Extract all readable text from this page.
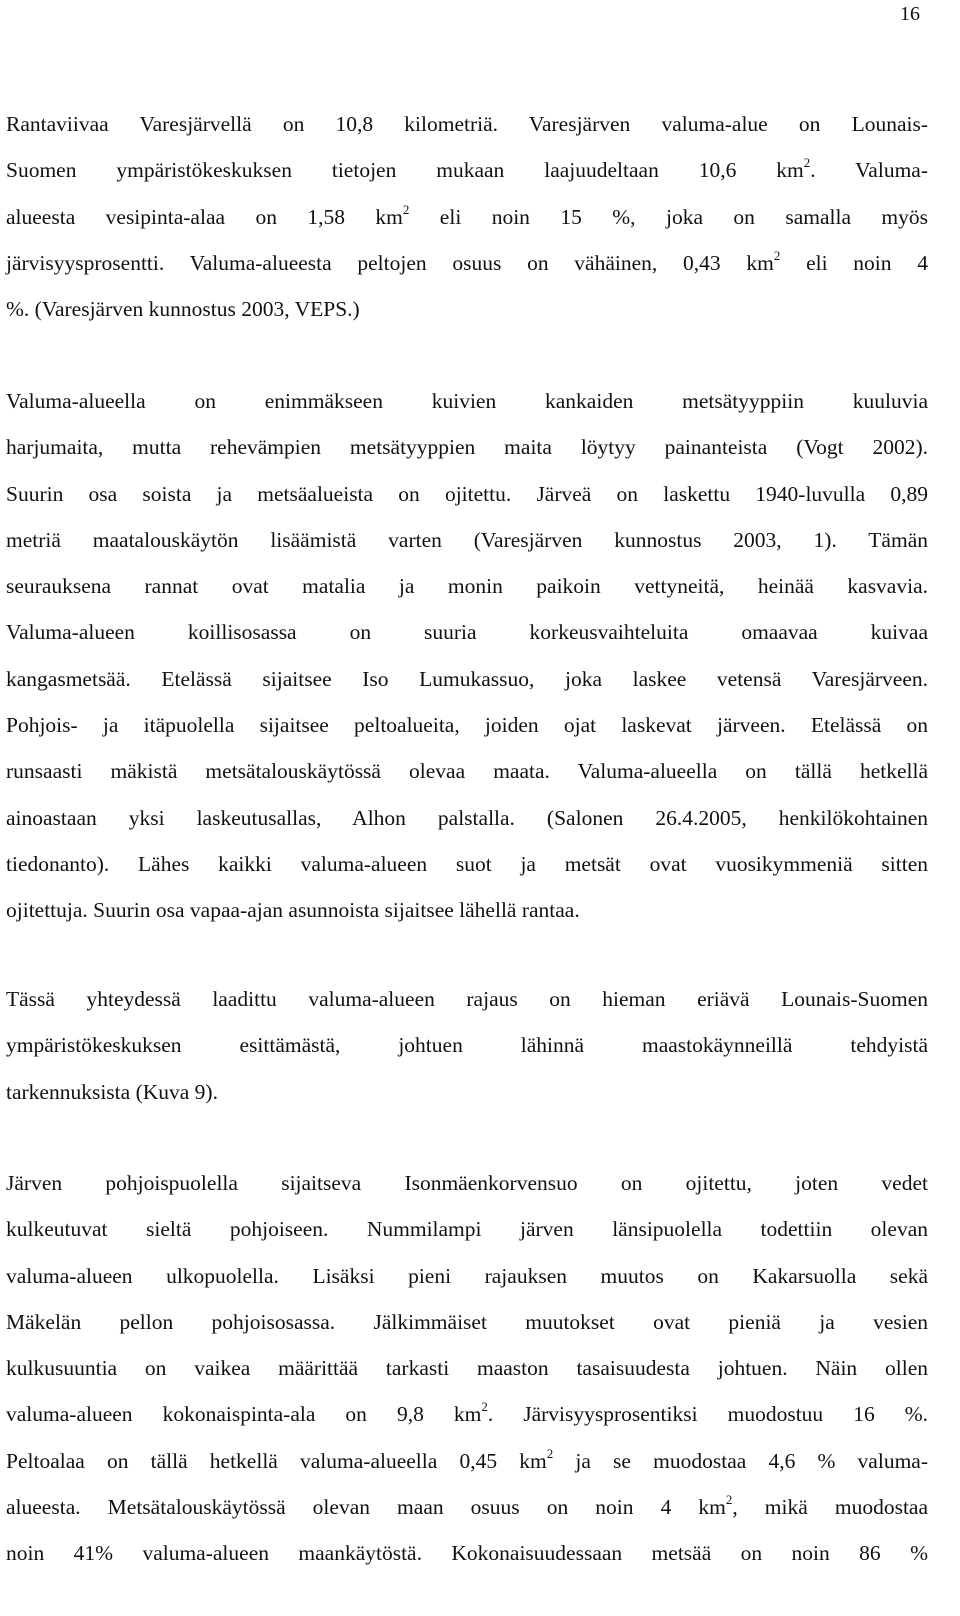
16
Rantaviivaa Varesjärvellä on 10,8 kilometriä. Varesjärven valuma-alue on Lounais-
Suomen ympäristökeskuksen tietojen mukaan laajuudeltaan 10,6 $km^2$. Valuma-
alueesta vesipinta-alaa on 1,58 $km^2$ eli noin 15 %, joka on samalla myös
järvisyysprosentti. Valuma-alueesta peltojen osuus on vähäinen, 0,43 $km^2$ eli noin 4
%. (Varesjärven kunnostus 2003, VEPS.)
Valuma-alueella on enimmäkseen kuivien kankaiden metsätyyppiin kuuluvia
harjumaita, mutta rehevämpien metsätyyppien maita löytyy painanteista (Vogt 2002).
Suurin osa soista ja metsäalueista on ojitettu. Järveä on laskettu 1940-luvulla 0,89
metriä maatalouskäytön lisäämistä varten (Varesjärven kunnostus 2003, 1). Tämän
seurauksena rannat ovat matalia ja monin paikoin vettyneitä, heinää kasvavia.
Valuma-alueen koillisosassa on suuria korkeusvaihteluita omaavaa kuivaa
kangasmetsää. Etelässä sijaitsee Iso Lumukassuo, joka laskee vetensä Varesjärveen.
Pohjois- ja itäpuolella sijaitsee peltoalueita, joiden ojat laskevat järveen. Etelässä on
runsaasti mäkistä metsätalouskäytössä olevaa maata. Valuma-alueella on tällä hetkellä
ainoastaan yksi laskeutusallas, Alhon palstalla. (Salonen 26.4.2005, henkilökohtainen
tiedonanto). Lähes kaikki valuma-alueen suot ja metsät ovat vuosikymmeniä sitten
ojitettuja. Suurin osa vapaa-ajan asunnoista sijaitsee lähellä rantaa.
Tässä yhteydessä laadittu valuma-alueen rajaus on hieman eriävä Lounais-Suomen
ympäristökeskuksen esittämästä, johtuen lähinnä maastokäynneillä tehdyistä
tarkennuksista (Kuva 9).
Järven pohjoispuolella sijaitseva Isonmäenkorvensuo on ojitettu, joten vedet
kulkeutuvat sieltä pohjoiseen. Nummilampi järven länsipuolella todettiin olevan
valuma-alueen ulkopuolella. Lisäksi pieni rajauksen muutos on Kakarsuolla sekä
Mäkelän pellon pohjoisosassa. Jälkimmäiset muutokset ovat pieniä ja vesien
kulkusuuntia on vaikea määrittää tarkasti maaston tasaisuudesta johtuen. Näin ollen
valuma-alueen kokonaispinta-ala on 9,8 $km^2$. Järvisyysprosentiksi muodostuu 16 %.
Peltoalaa on tällä hetkellä valuma-alueella 0,45 $km^2$ ja se muodostaa 4,6 % valuma-
alueesta. Metsätalouskäytössä olevan maan osuus on noin 4 $km^2$, mikä muodostaa
noin 41% valuma-alueen maankäytöstä. Kokonaisuudessaan metsää on noin 86 %
